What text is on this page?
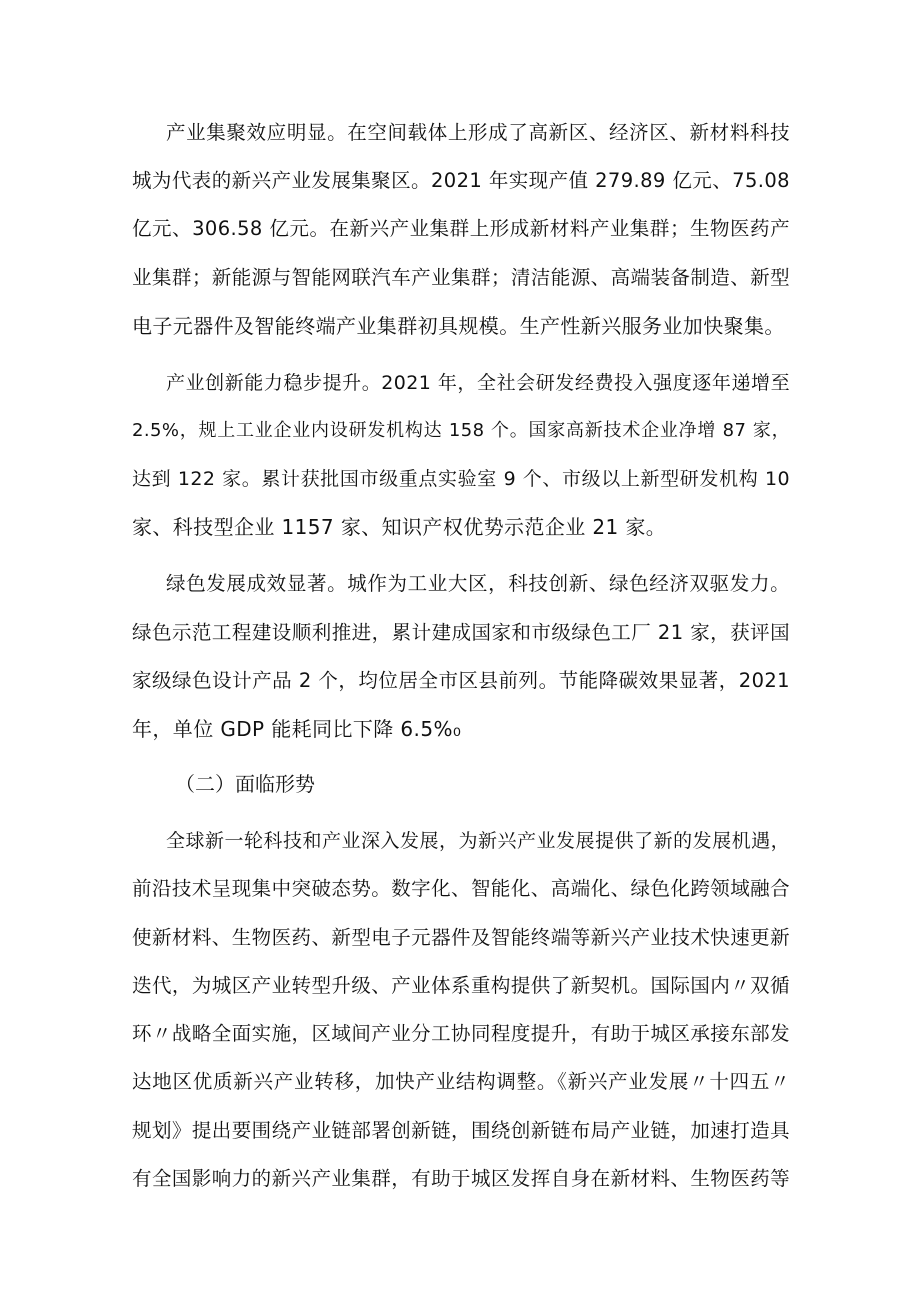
产业集聚效应明显。在空间载体上形成了高新区、经济区、新材料科技
城为代表的新兴产业发展集聚区。2021 年实现产值 279.89 亿元、75.08
亿元、306.58 亿元。在新兴产业集群上形成新材料产业集群；生物医药产
业集群；新能源与智能网联汽车产业集群；清洁能源、高端装备制造、新型
电子元器件及智能终端产业集群初具规模。生产性新兴服务业加快聚集。
产业创新能力稳步提升。2021 年，全社会研发经费投入强度逐年递增至
2.5%，规上工业企业内设研发机构达 158 个。国家高新技术企业净增 87 家，
达到 122 家。累计获批国市级重点实验室 9 个、市级以上新型研发机构 10
家、科技型企业 1157 家、知识产权优势示范企业 21 家。
绿色发展成效显著。城作为工业大区，科技创新、绿色经济双驱发力。
绿色示范工程建设顺利推进，累计建成国家和市级绿色工厂 21 家，获评国
家级绿色设计产品 2 个，均位居全市区县前列。节能降碳效果显著，2021
年，单位 GDP 能耗同比下降 6.5%₀
（二）面临形势
全球新一轮科技和产业深入发展，为新兴产业发展提供了新的发展机遇，
前沿技术呈现集中突破态势。数字化、智能化、高端化、绿色化跨领域融合
使新材料、生物医药、新型电子元器件及智能终端等新兴产业技术快速更新
迭代，为城区产业转型升级、产业体系重构提供了新契机。国际国内〃双循
环〃战略全面实施，区域间产业分工协同程度提升，有助于城区承接东部发
达地区优质新兴产业转移，加快产业结构调整。《新兴产业发展〃十四五〃
规划》提出要围绕产业链部署创新链，围绕创新链布局产业链，加速打造具
有全国影响力的新兴产业集群，有助于城区发挥自身在新材料、生物医药等
